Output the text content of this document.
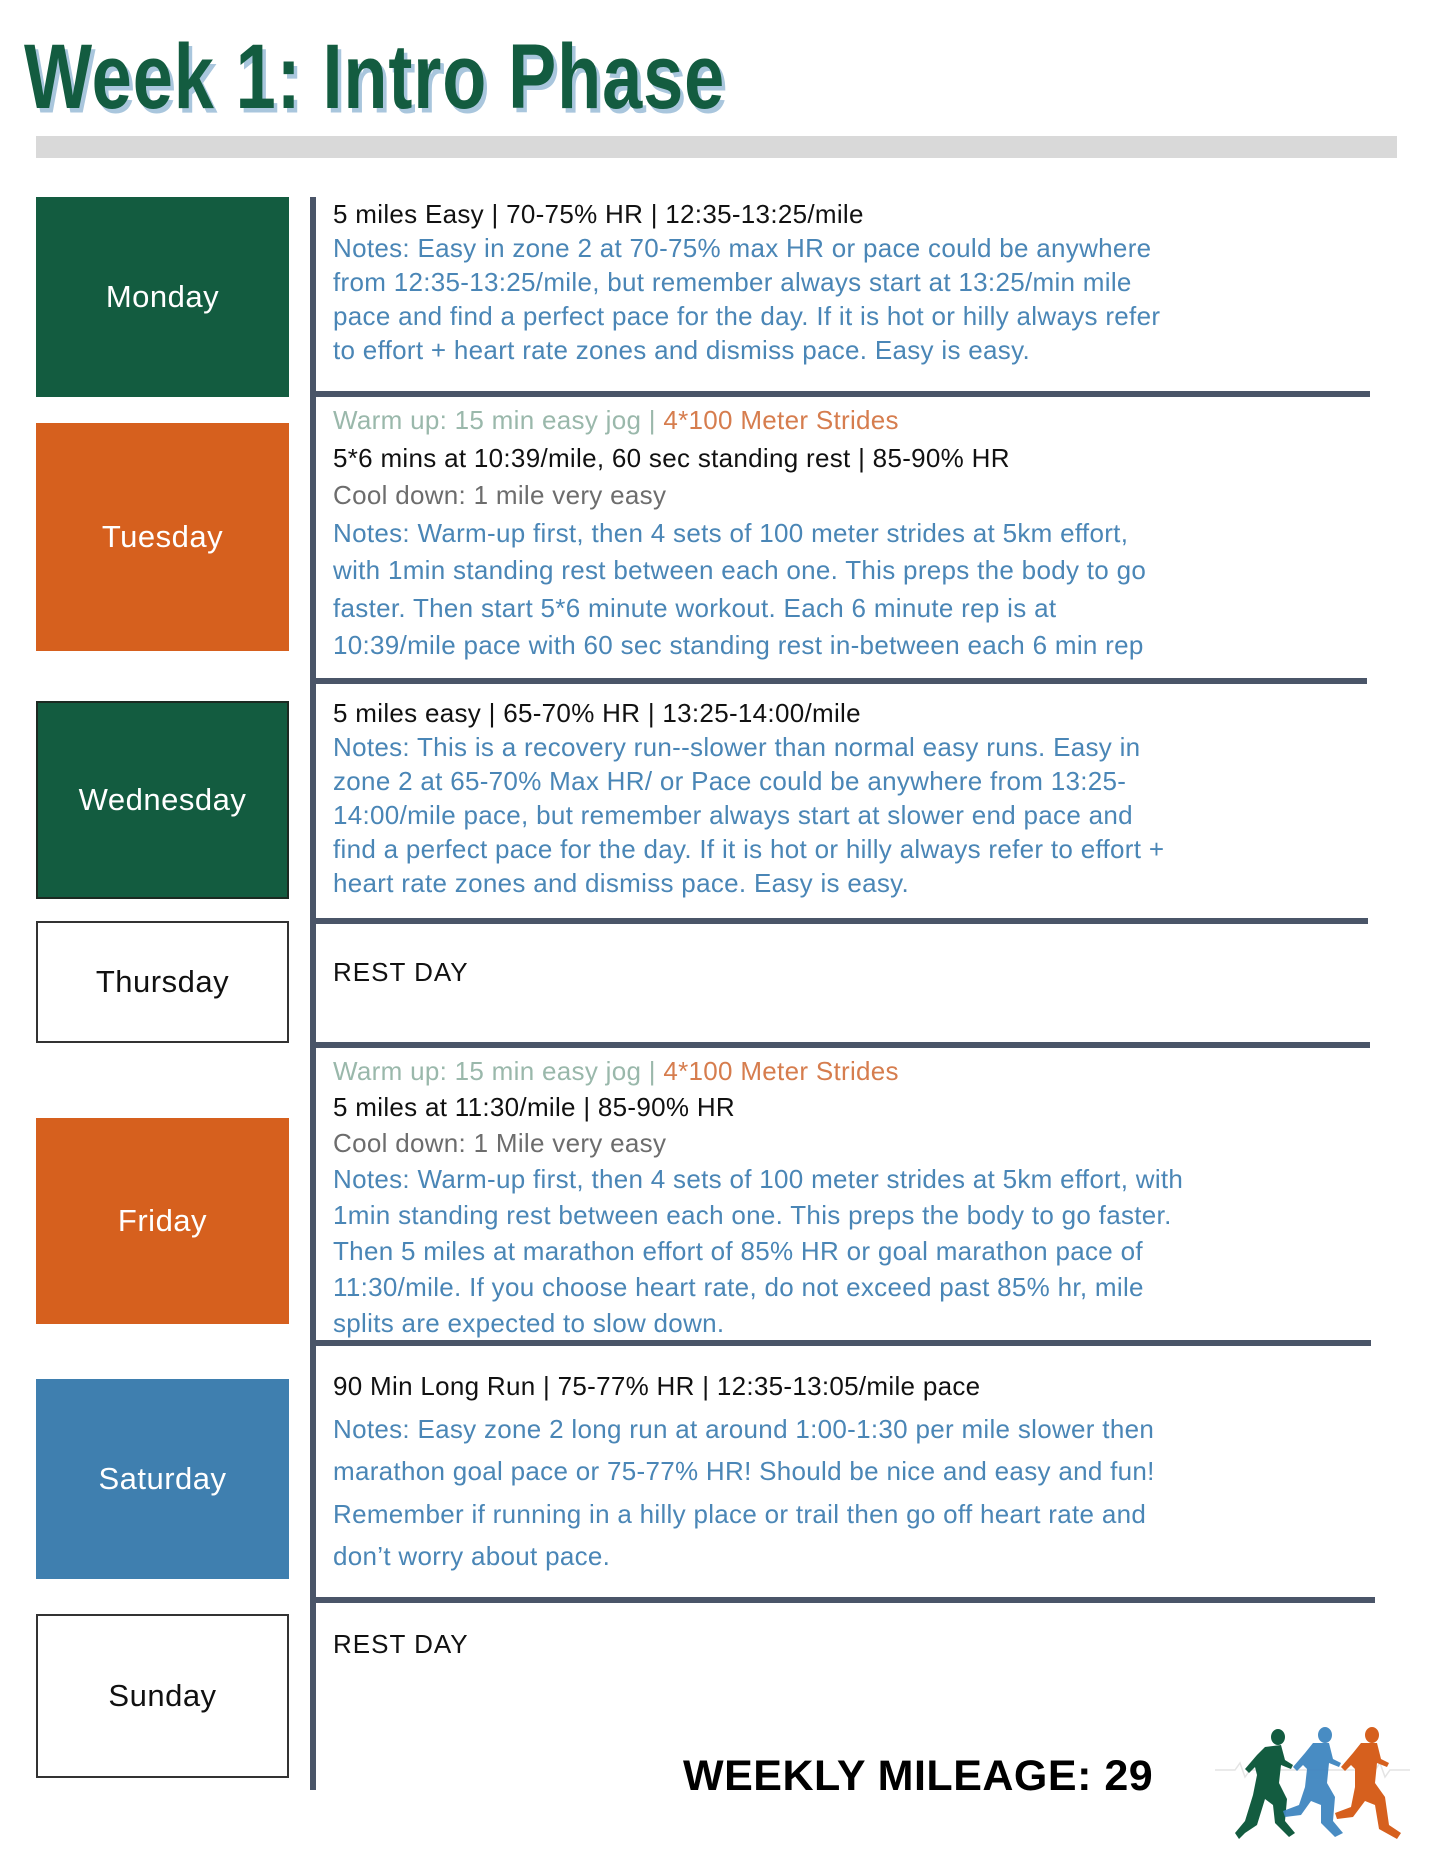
Week 1: Intro Phase
Monday
Tuesday
Wednesday
Thursday
Friday
Saturday
Sunday
5 miles Easy | 70-75% HR | 12:35-13:25/mile
Notes: Easy in zone 2 at 70-75% max HR or pace could be anywhere
from 12:35-13:25/mile, but remember always start at 13:25/min mile
pace and find a perfect pace for the day. If it is hot or hilly always refer
to effort + heart rate zones and dismiss pace. Easy is easy.
Warm up: 15 min easy jog | 4*100 Meter Strides
5*6 mins at 10:39/mile, 60 sec standing rest | 85-90% HR
Cool down: 1 mile very easy
Notes: Warm-up first, then 4 sets of 100 meter strides at 5km effort,
with 1min standing rest between each one. This preps the body to go
faster. Then start 5*6 minute workout. Each 6 minute rep is at
10:39/mile pace with 60 sec standing rest in-between each 6 min rep
5 miles easy | 65-70% HR | 13:25-14:00/mile
Notes: This is a recovery run--slower than normal easy runs. Easy in
zone 2 at 65-70% Max HR/ or Pace could be anywhere from 13:25-
14:00/mile pace, but remember always start at slower end pace and
find a perfect pace for the day. If it is hot or hilly always refer to effort +
heart rate zones and dismiss pace. Easy is easy.
REST DAY
Warm up: 15 min easy jog | 4*100 Meter Strides
5 miles at 11:30/mile | 85-90% HR
Cool down: 1 Mile very easy
Notes: Warm-up first, then 4 sets of 100 meter strides at 5km effort, with
1min standing rest between each one. This preps the body to go faster.
Then 5 miles at marathon effort of 85% HR or goal marathon pace of
11:30/mile. If you choose heart rate, do not exceed past 85% hr, mile
splits are expected to slow down.
90 Min Long Run | 75-77% HR | 12:35-13:05/mile pace
Notes: Easy zone 2 long run at around 1:00-1:30 per mile slower then
marathon goal pace or 75-77% HR! Should be nice and easy and fun!
Remember if running in a hilly place or trail then go off heart rate and
don’t worry about pace.
REST DAY
WEEKLY MILEAGE: 29
